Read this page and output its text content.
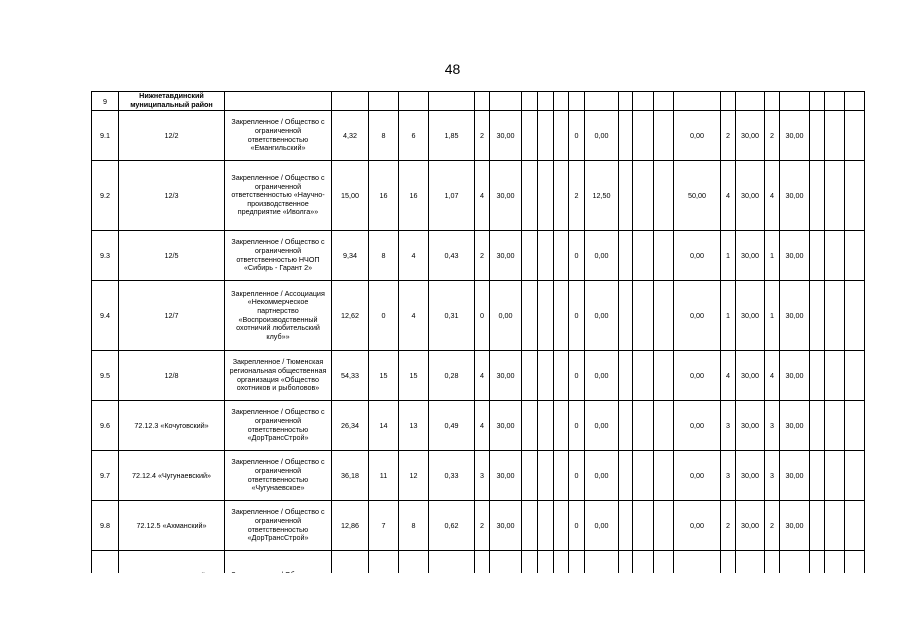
48
9	Нижнетавдинский муниципальный район																							
9.1	12/2	Закрепленное / Общество с ограниченной ответственностью «Емангильский»	4,32	8	6	1,85	2	30,00				0	0,00				0,00	2	30,00	2	30,00			
9.2	12/3	Закрепленное / Общество с ограниченной ответственностью «Научно-производственное предприятие «Иволга»»	15,00	16	16	1,07	4	30,00				2	12,50				50,00	4	30,00	4	30,00			
9.3	12/5	Закрепленное / Общество с ограниченной ответственностью НЧОП «Сибирь - Гарант 2»	9,34	8	4	0,43	2	30,00				0	0,00				0,00	1	30,00	1	30,00			
9.4	12/7	Закрепленное / Ассоциация «Некоммерческое партнерство «Воспроизводственный охотничий любительский клуб»»	12,62	0	4	0,31	0	0,00				0	0,00				0,00	1	30,00	1	30,00			
9.5	12/8	Закрепленное / Тюменская региональная общественная организация «Общество охотников и рыболовов»	54,33	15	15	0,28	4	30,00				0	0,00				0,00	4	30,00	4	30,00			
9.6	72.12.3 «Кочуговский»	Закрепленное / Общество с ограниченной ответственностью «ДорТрансСтрой»	26,34	14	13	0,49	4	30,00				0	0,00				0,00	3	30,00	3	30,00			
9.7	72.12.4 «Чугунаевский»	Закрепленное / Общество с ограниченной ответственностью «Чугунаевское»	36,18	11	12	0,33	3	30,00				0	0,00				0,00	3	30,00	3	30,00			
9.8	72.12.5 «Ахманский»	Закрепленное / Общество с ограниченной ответственностью «ДорТрансСтрой»	12,86	7	8	0,62	2	30,00				0	0,00				0,00	2	30,00	2	30,00			
